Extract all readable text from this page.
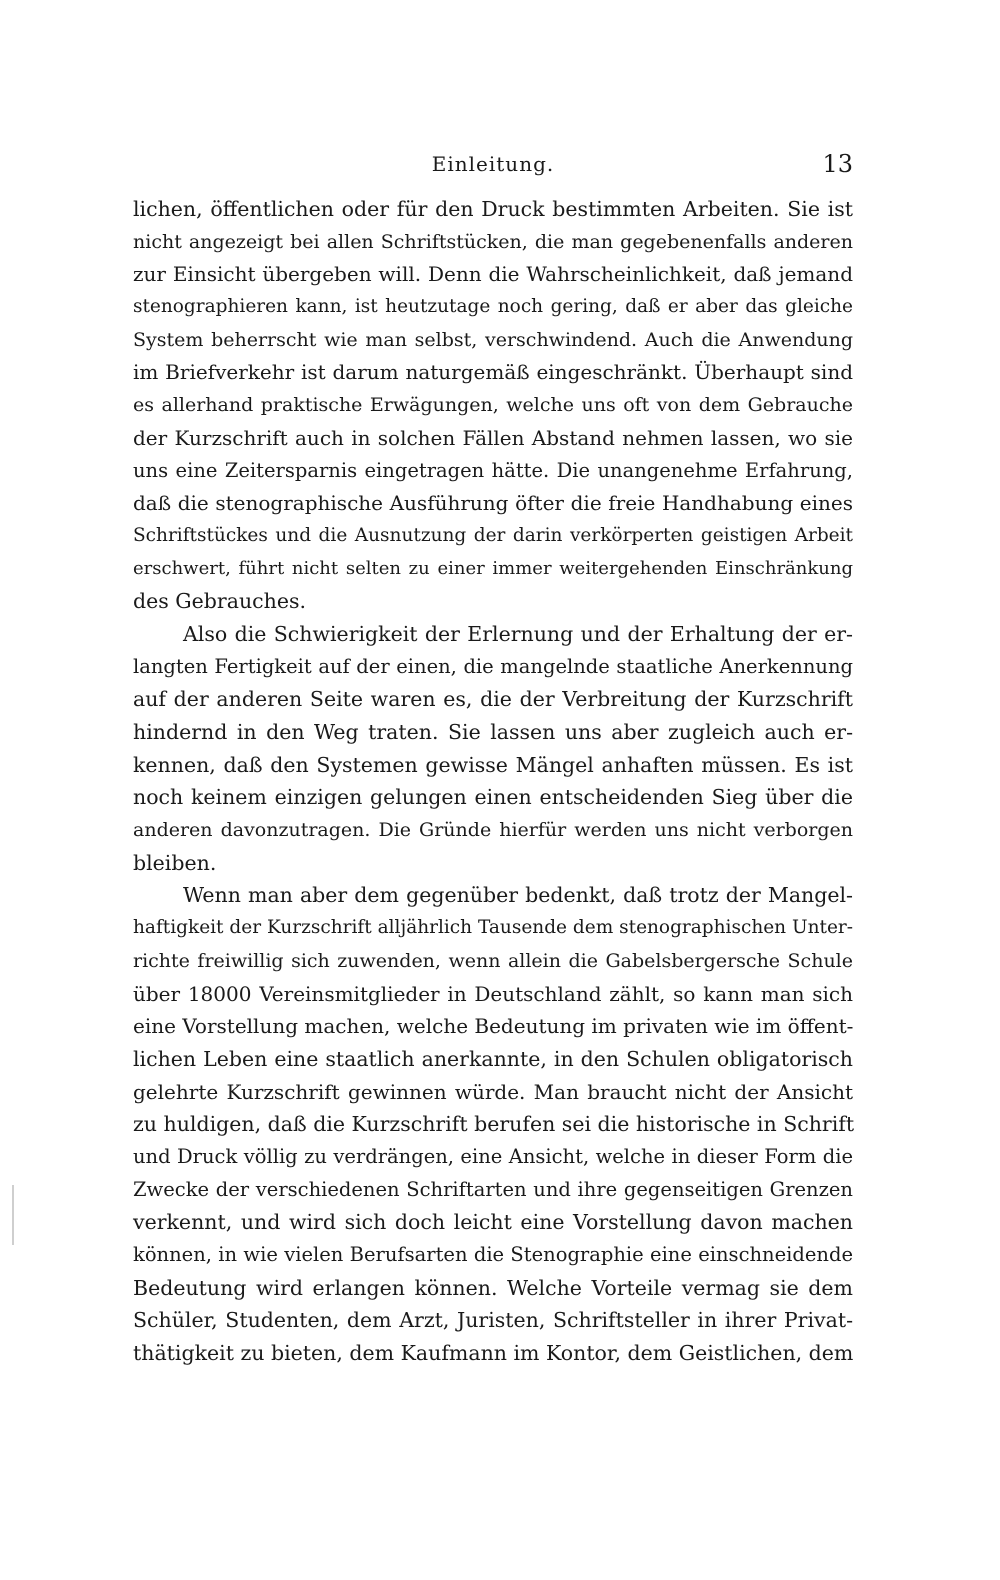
Einleitung.	13
lichen, öffentlichen oder für den Druck bestimmten Arbeiten. Sie ist
nicht angezeigt bei allen Schriftstücken, die man gegebenenfalls anderen
zur Einsicht übergeben will. Denn die Wahrscheinlichkeit, daß jemand
stenographieren kann, ist heutzutage noch gering, daß er aber das gleiche
System beherrscht wie man selbst, verschwindend. Auch die Anwendung
im Briefverkehr ist darum naturgemäß eingeschränkt. Überhaupt sind
es allerhand praktische Erwägungen, welche uns oft von dem Gebrauche
der Kurzschrift auch in solchen Fällen Abstand nehmen lassen, wo sie
uns eine Zeitersparnis eingetragen hätte. Die unangenehme Erfahrung,
daß die stenographische Ausführung öfter die freie Handhabung eines
Schriftstückes und die Ausnutzung der darin verkörperten geistigen Arbeit
erschwert, führt nicht selten zu einer immer weitergehenden Einschränkung
des Gebrauches.
Also die Schwierigkeit der Erlernung und der Erhaltung der er-
langten Fertigkeit auf der einen, die mangelnde staatliche Anerkennung
auf der anderen Seite waren es, die der Verbreitung der Kurzschrift
hindernd in den Weg traten. Sie lassen uns aber zugleich auch er-
kennen, daß den Systemen gewisse Mängel anhaften müssen. Es ist
noch keinem einzigen gelungen einen entscheidenden Sieg über die
anderen davonzutragen. Die Gründe hierfür werden uns nicht verborgen
bleiben.
Wenn man aber dem gegenüber bedenkt, daß trotz der Mangel-
haftigkeit der Kurzschrift alljährlich Tausende dem stenographischen Unter-
richte freiwillig sich zuwenden, wenn allein die Gabelsbergersche Schule
über 18000 Vereinsmitglieder in Deutschland zählt, so kann man sich
eine Vorstellung machen, welche Bedeutung im privaten wie im öffent-
lichen Leben eine staatlich anerkannte, in den Schulen obligatorisch
gelehrte Kurzschrift gewinnen würde. Man braucht nicht der Ansicht
zu huldigen, daß die Kurzschrift berufen sei die historische in Schrift
und Druck völlig zu verdrängen, eine Ansicht, welche in dieser Form die
Zwecke der verschiedenen Schriftarten und ihre gegenseitigen Grenzen
verkennt, und wird sich doch leicht eine Vorstellung davon machen
können, in wie vielen Berufsarten die Stenographie eine einschneidende
Bedeutung wird erlangen können. Welche Vorteile vermag sie dem
Schüler, Studenten, dem Arzt, Juristen, Schriftsteller in ihrer Privat-
thätigkeit zu bieten, dem Kaufmann im Kontor, dem Geistlichen, dem
